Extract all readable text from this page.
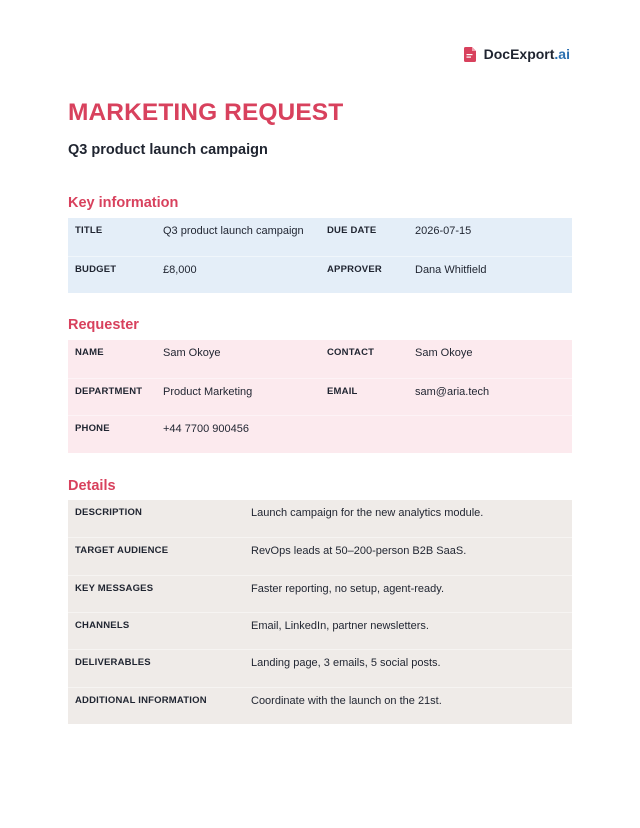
DocExport.ai
MARKETING REQUEST
Q3 product launch campaign
Key information
TITLE	Q3 product launch campaign DUE DATE	2026-07-15
BUDGET	£8,000	APPROVER	Dana Whitfield
Requester
NAME	Sam Okoye	CONTACT	Sam Okoye
DEPARTMENT Product Marketing	EMAIL	sam@aria.tech
PHONE	+44 7700 900456
Details
DESCRIPTION	Launch campaign for the new analytics module.
TARGET AUDIENCE	RevOps leads at 50–200-person B2B SaaS.
KEY MESSAGES	Faster reporting, no setup, agent-ready.
CHANNELS	Email, LinkedIn, partner newsletters.
DELIVERABLES	Landing page, 3 emails, 5 social posts.
ADDITIONAL INFORMATION	Coordinate with the launch on the 21st.
